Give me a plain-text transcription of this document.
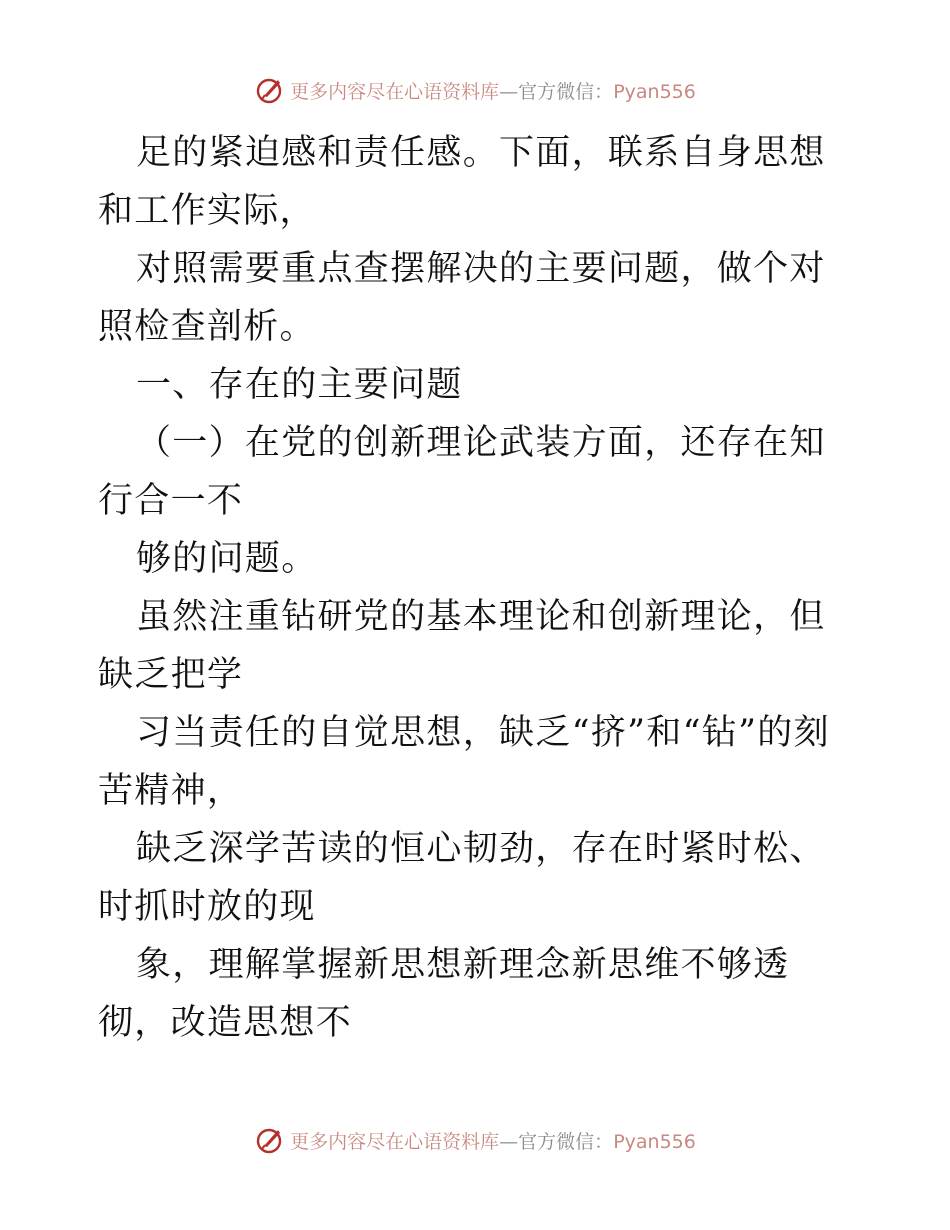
更多内容尽在心语资料库—官方微信：Pyan556

足的紧迫感和责任感。下面，联系自身思想和工作实际，

对照需要重点查摆解决的主要问题，做个对照检查剖析。

一、存在的主要问题

（一）在党的创新理论武装方面，还存在知行合一不

够的问题。

虽然注重钻研党的基本理论和创新理论，但缺乏把学

习当责任的自觉思想，缺乏“挤”和“钻”的刻苦精神，

缺乏深学苦读的恒心韧劲，存在时紧时松、时抓时放的现

象，理解掌握新思想新理念新思维不够透彻，改造思想不

更多内容尽在心语资料库—官方微信：Pyan556
